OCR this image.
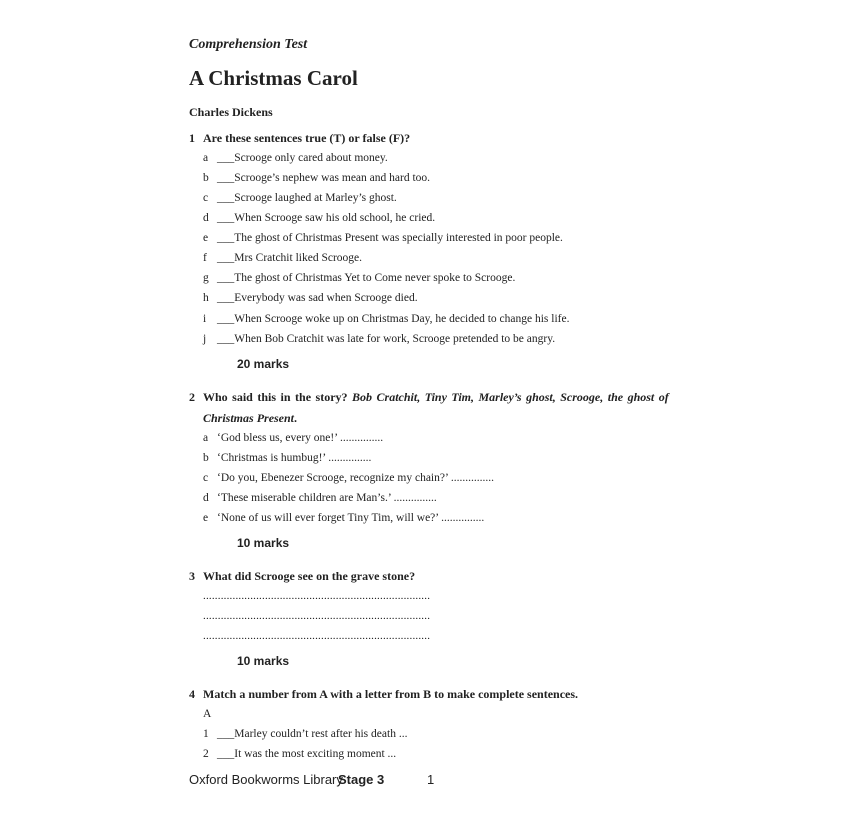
Comprehension Test
A Christmas Carol
Charles Dickens
1 Are these sentences true (T) or false (F)?
a ___Scrooge only cared about money.
b ___Scrooge’s nephew was mean and hard too.
c ___Scrooge laughed at Marley’s ghost.
d ___When Scrooge saw his old school, he cried.
e ___The ghost of Christmas Present was specially interested in poor people.
f ___Mrs Cratchit liked Scrooge.
g ___The ghost of Christmas Yet to Come never spoke to Scrooge.
h ___Everybody was sad when Scrooge died.
i ___When Scrooge woke up on Christmas Day, he decided to change his life.
j ___When Bob Cratchit was late for work, Scrooge pretended to be angry.
20 marks
2 Who said this in the story? Bob Cratchit, Tiny Tim, Marley’s ghost, Scrooge, the ghost of
Christmas Present.
a ‘God bless us, every one!’ ...............
b ‘Christmas is humbug!’ ...............
c ‘Do you, Ebenezer Scrooge, recognize my chain?’ ...............
d ‘These miserable children are Man’s.’ ...............
e ‘None of us will ever forget Tiny Tim, will we?’ ...............
10 marks
3 What did Scrooge see on the grave stone?
.............................................................................
.............................................................................
.............................................................................
10 marks
4 Match a number from A with a letter from B to make complete sentences.
A
1 ___Marley couldn’t rest after his death ...
2 ___It was the most exciting moment ...
Oxford Bookworms Library
Stage 3	1
